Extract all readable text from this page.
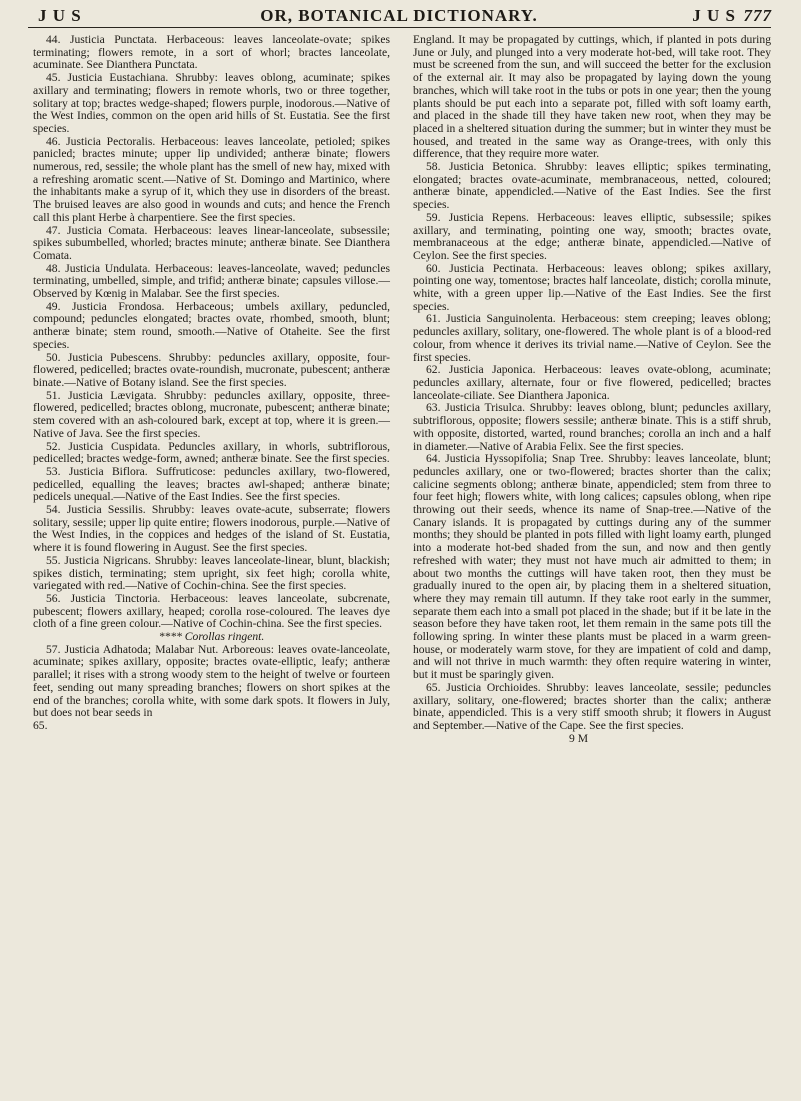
J U S	OR, BOTANICAL DICTIONARY.	J U S 777

44. Justicia Punctata. Herbaceous: leaves lanceolate-ovate; spikes terminating; flowers remote, in a sort of whorl; bractes lanceolate, acuminate. See Dianthera Punctata.

45. Justicia Eustachiana. Shrubby: leaves oblong, acuminate; spikes axillary and terminating; flowers in remote whorls, two or three together, solitary at top; bractes wedge-shaped; flowers purple, inodorous.—Native of the West Indies, common on the open arid hills of St. Eustatia. See the first species.

46. Justicia Pectoralis. Herbaceous: leaves lanceolate, petioled; spikes panicled; bractes minute; upper lip undivided; antheræ binate; flowers numerous, red, sessile; the whole plant has the smell of new hay, mixed with a refreshing aromatic scent.—Native of St. Domingo and Martinico, where the inhabitants make a syrup of it, which they use in disorders of the breast. The bruised leaves are also good in wounds and cuts; and hence the French call this plant Herbe à charpentiere. See the first species.

47. Justicia Comata. Herbaceous: leaves linear-lanceolate, subsessile; spikes subumbelled, whorled; bractes minute; antheræ binate. See Dianthera Comata.

48. Justicia Undulata. Herbaceous: leaves-lanceolate, waved; peduncles terminating, umbelled, simple, and trifid; antheræ binate; capsules villose.—Observed by Kœnig in Malabar. See the first species.

49. Justicia Frondosa. Herbaceous; umbels axillary, peduncled, compound; peduncles elongated; bractes ovate, rhombed, smooth, blunt; antheræ binate; stem round, smooth.—Native of Otaheite. See the first species.

50. Justicia Pubescens. Shrubby: peduncles axillary, opposite, four-flowered, pedicelled; bractes ovate-roundish, mucronate, pubescent; antheræ binate.—Native of Botany island. See the first species.

51. Justicia Lævigata. Shrubby: peduncles axillary, opposite, three-flowered, pedicelled; bractes oblong, mucronate, pubescent; antheræ binate; stem covered with an ash-coloured bark, except at top, where it is green.—Native of Java. See the first species.

52. Justicia Cuspidata. Peduncles axillary, in whorls, subtriflorous, pedicelled; bractes wedge-form, awned; antheræ binate. See the first species.

53. Justicia Biflora. Suffruticose: peduncles axillary, two-flowered, pedicelled, equalling the leaves; bractes awl-shaped; antheræ binate; pedicels unequal.—Native of the East Indies. See the first species.

54. Justicia Sessilis. Shrubby: leaves ovate-acute, subserrate; flowers solitary, sessile; upper lip quite entire; flowers inodorous, purple.—Native of the West Indies, in the coppices and hedges of the island of St. Eustatia, where it is found flowering in August. See the first species.

55. Justicia Nigricans. Shrubby: leaves lanceolate-linear, blunt, blackish; spikes distich, terminating; stem upright, six feet high; corolla white, variegated with red.—Native of Cochin-china. See the first species.

56. Justicia Tinctoria. Herbaceous: leaves lanceolate, subcrenate, pubescent; flowers axillary, heaped; corolla rose-coloured. The leaves dye cloth of a fine green colour.—Native of Cochin-china. See the first species.

**** Corollas ringent.

57. Justicia Adhatoda; Malabar Nut. Arboreous: leaves ovate-lanceolate, acuminate; spikes axillary, opposite; bractes ovate-elliptic, leafy; antheræ parallel; it rises with a strong woody stem to the height of twelve or fourteen feet, sending out many spreading branches; flowers on short spikes at the end of the branches; corolla white, with some dark spots. It flowers in July, but does not bear seeds in

65.

England. It may be propagated by cuttings, which, if planted in pots during June or July, and plunged into a very moderate hot-bed, will take root. They must be screened from the sun, and will succeed the better for the exclusion of the external air. It may also be propagated by laying down the young branches, which will take root in the tubs or pots in one year; then the young plants should be put each into a separate pot, filled with soft loamy earth, and placed in the shade till they have taken new root, when they may be placed in a sheltered situation during the summer; but in winter they must be housed, and treated in the same way as Orange-trees, with only this difference, that they require more water.

58. Justicia Betonica. Shrubby: leaves elliptic; spikes terminating, elongated; bractes ovate-acuminate, membranaceous, netted, coloured; antheræ binate, appendicled.—Native of the East Indies. See the first species.

59. Justicia Repens. Herbaceous: leaves elliptic, subsessile; spikes axillary, and terminating, pointing one way, smooth; bractes ovate, membranaceous at the edge; antheræ binate, appendicled.—Native of Ceylon. See the first species.

60. Justicia Pectinata. Herbaceous: leaves oblong; spikes axillary, pointing one way, tomentose; bractes half lanceolate, distich; corolla minute, white, with a green upper lip.—Native of the East Indies. See the first species.

61. Justicia Sanguinolenta. Herbaceous: stem creeping; leaves oblong; peduncles axillary, solitary, one-flowered. The whole plant is of a blood-red colour, from whence it derives its trivial name.—Native of Ceylon. See the first species.

62. Justicia Japonica. Herbaceous: leaves ovate-oblong, acuminate; peduncles axillary, alternate, four or five flowered, pedicelled; bractes lanceolate-ciliate. See Dianthera Japonica.

63. Justicia Trisulca. Shrubby: leaves oblong, blunt; peduncles axillary, subtriflorous, opposite; flowers sessile; antheræ binate. This is a stiff shrub, with opposite, distorted, warted, round branches; corolla an inch and a half in diameter.—Native of Arabia Felix. See the first species.

64. Justicia Hyssopifolia; Snap Tree. Shrubby: leaves lanceolate, blunt; peduncles axillary, one or two-flowered; bractes shorter than the calix; calicine segments oblong; antheræ binate, appendicled; stem from three to four feet high; flowers white, with long calices; capsules oblong, when ripe throwing out their seeds, whence its name of Snap-tree.—Native of the Canary islands. It is propagated by cuttings during any of the summer months; they should be planted in pots filled with light loamy earth, plunged into a moderate hot-bed shaded from the sun, and now and then gently refreshed with water; they must not have much air admitted to them; in about two months the cuttings will have taken root, then they must be gradually inured to the open air, by placing them in a sheltered situation, where they may remain till autumn. If they take root early in the summer, separate them each into a small pot placed in the shade; but if it be late in the season before they have taken root, let them remain in the same pots till the following spring. In winter these plants must be placed in a warm green-house, or moderately warm stove, for they are impatient of cold and damp, and will not thrive in much warmth: they often require watering in winter, but it must be sparingly given.

65. Justicia Orchioides. Shrubby: leaves lanceolate, sessile; peduncles axillary, solitary, one-flowered; bractes shorter than the calix; antheræ binate, appendicled. This is a very stiff smooth shrub; it flowers in August and September.—Native of the Cape. See the first species.

9 M
